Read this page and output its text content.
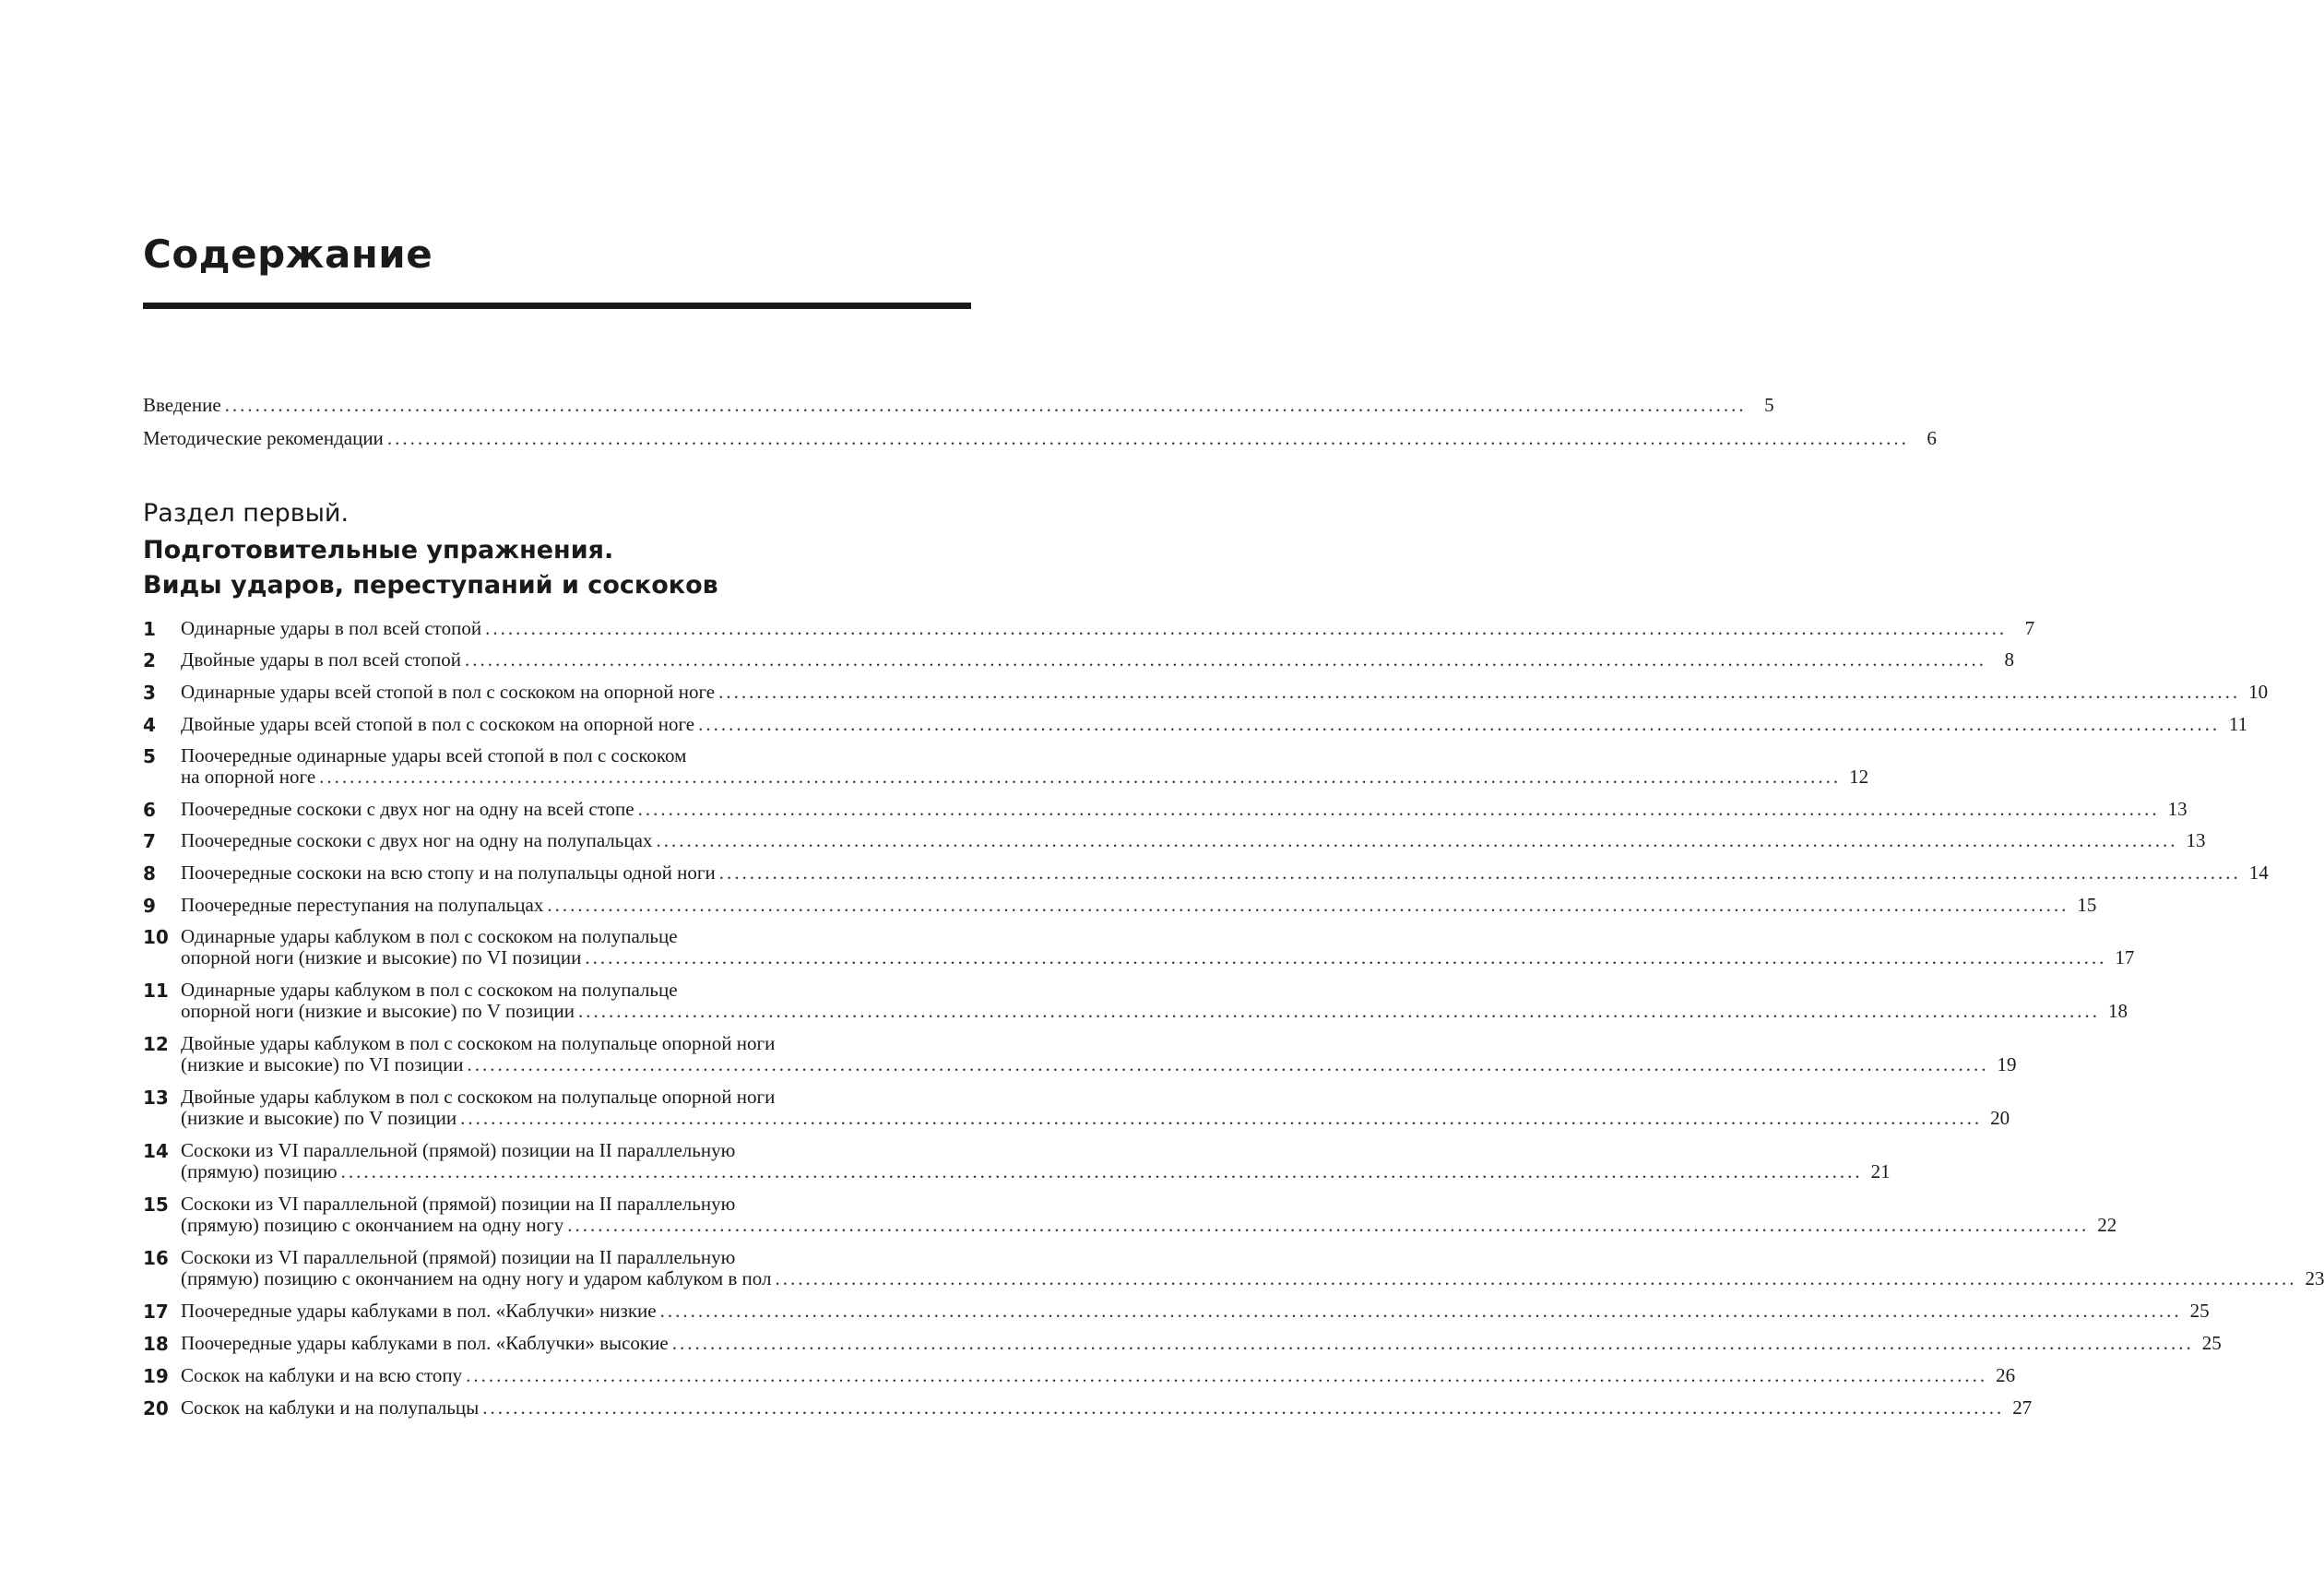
Содержание
Введение ........................................................................................................................................................................................................ 5
Методические рекомендации ........................................................................................................................................................................................................ 6
Раздел первый.
Подготовительные упражнения.
Виды ударов, переступаний и соскоков
1 Одинарные удары в пол всей стопой ........................................................................................................................................................................................................ 7
2 Двойные удары в пол всей стопой ........................................................................................................................................................................................................ 8
3 Одинарные удары всей стопой в пол с соскоком на опорной ноге ........................................................................................................................................................................................................ 10
4 Двойные удары всей стопой в пол с соскоком на опорной ноге ........................................................................................................................................................................................................ 11
5 Поочередные одинарные удары всей стопой в пол с соскоком
на опорной ноге ........................................................................................................................................................................................................ 12
6 Поочередные соскоки с двух ног на одну на всей стопе ........................................................................................................................................................................................................ 13
7 Поочередные соскоки с двух ног на одну на полупальцах ........................................................................................................................................................................................................ 13
8 Поочередные соскоки на всю стопу и на полупальцы одной ноги ........................................................................................................................................................................................................ 14
9 Поочередные переступания на полупальцах ........................................................................................................................................................................................................ 15
10 Одинарные удары каблуком в пол с соскоком на полупальце
опорной ноги (низкие и высокие) по VI позиции ........................................................................................................................................................................................................ 17
11 Одинарные удары каблуком в пол с соскоком на полупальце
опорной ноги (низкие и высокие) по V позиции ........................................................................................................................................................................................................ 18
12 Двойные удары каблуком в пол с соскоком на полупальце опорной ноги
(низкие и высокие) по VI позиции ........................................................................................................................................................................................................ 19
13 Двойные удары каблуком в пол с соскоком на полупальце опорной ноги
(низкие и высокие) по V позиции ........................................................................................................................................................................................................ 20
14 Соскоки из VI параллельной (прямой) позиции на II параллельную
(прямую) позицию ........................................................................................................................................................................................................ 21
15 Соскоки из VI параллельной (прямой) позиции на II параллельную
(прямую) позицию с окончанием на одну ногу ........................................................................................................................................................................................................ 22
16 Соскоки из VI параллельной (прямой) позиции на II параллельную
(прямую) позицию с окончанием на одну ногу и ударом каблуком в пол ........................................................................................................................................................................................................ 23
17 Поочередные удары каблуками в пол. «Каблучки» низкие ........................................................................................................................................................................................................ 25
18 Поочередные удары каблуками в пол. «Каблучки» высокие ........................................................................................................................................................................................................ 25
19 Соскок на каблуки и на всю стопу ........................................................................................................................................................................................................ 26
20 Соскок на каблуки и на полупальцы ........................................................................................................................................................................................................ 27
